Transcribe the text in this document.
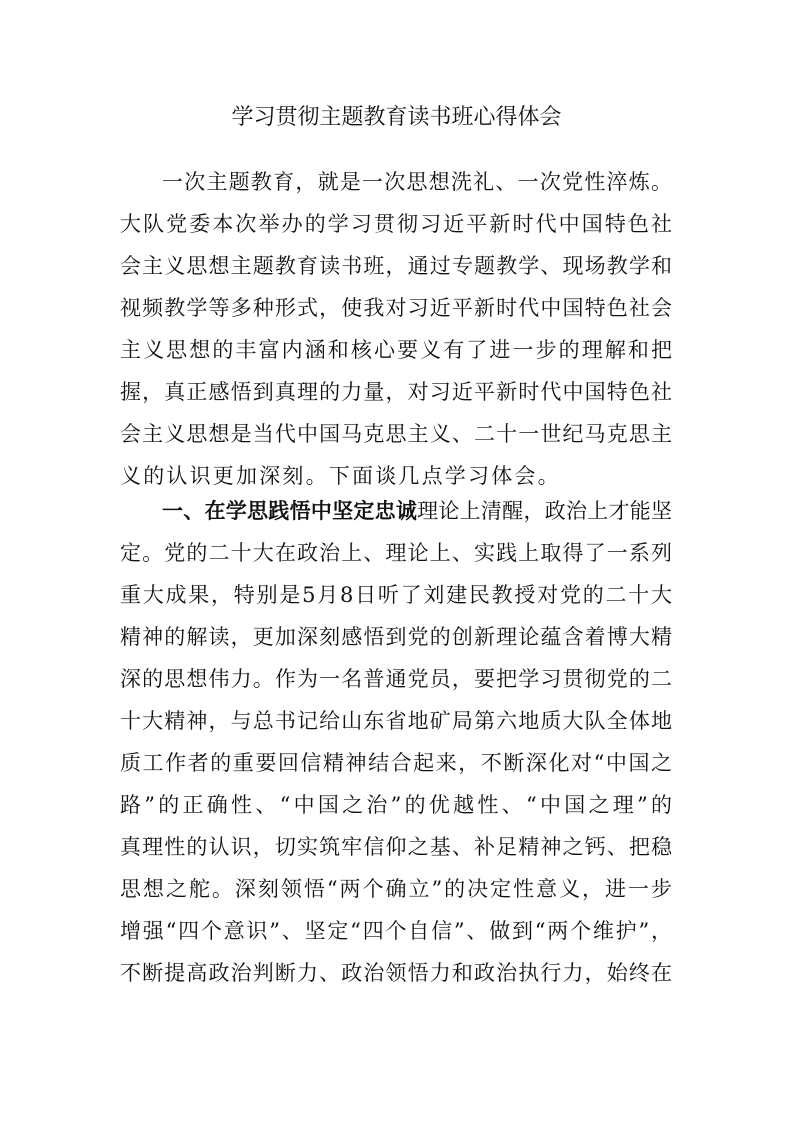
学习贯彻主题教育读书班心得体会
一次主题教育，就是一次思想洗礼、一次党性淬炼。
大队党委本次举办的学习贯彻习近平新时代中国特色社
会主义思想主题教育读书班，通过专题教学、现场教学和
视频教学等多种形式，使我对习近平新时代中国特色社会
主义思想的丰富内涵和核心要义有了进一步的理解和把
握，真正感悟到真理的力量，对习近平新时代中国特色社
会主义思想是当代中国马克思主义、二十一世纪马克思主
义的认识更加深刻。下面谈几点学习体会。
一、在学思践悟中坚定忠诚理论上清醒，政治上才能坚
定。党的二十大在政治上、理论上、实践上取得了一系列
重大成果，特别是5月8日听了刘建民教授对党的二十大
精神的解读，更加深刻感悟到党的创新理论蕴含着博大精
深的思想伟力。作为一名普通党员，要把学习贯彻党的二
十大精神，与总书记给山东省地矿局第六地质大队全体地
质工作者的重要回信精神结合起来，不断深化对“中国之
路”的正确性、“中国之治”的优越性、“中国之理”的
真理性的认识，切实筑牢信仰之基、补足精神之钙、把稳
思想之舵。深刻领悟“两个确立”的决定性意义，进一步
增强“四个意识”、坚定“四个自信”、做到“两个维护”，
不断提高政治判断力、政治领悟力和政治执行力，始终在
